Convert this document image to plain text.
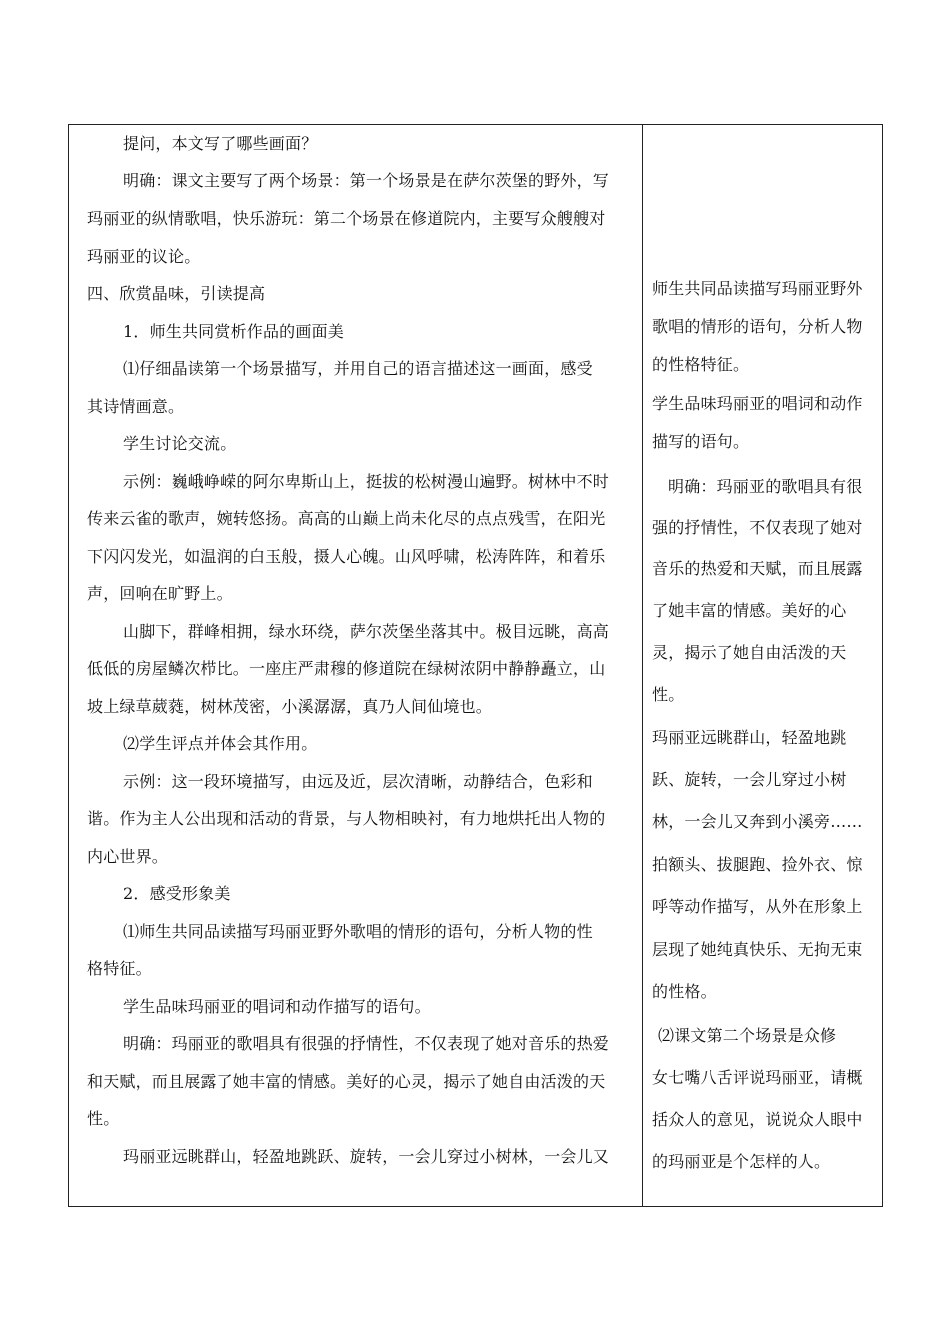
提问，本文写了哪些画面？
明确：课文主要写了两个场景：第一个场景是在萨尔茨堡的野外，写
玛丽亚的纵情歌唱，快乐游玩：第二个场景在修道院内，主要写众艘艘对
玛丽亚的议论。
四、欣赏晶味，引读提高
1．师生共同赏析作品的画面美
⑴仔细晶读第一个场景描写，并用自己的语言描述这一画面，感受
其诗情画意。
学生讨论交流。
示例：巍峨峥嵘的阿尔卑斯山上，挺拔的松树漫山遍野。树林中不时
传来云雀的歌声，婉转悠扬。高高的山巅上尚未化尽的点点残雪，在阳光
下闪闪发光，如温润的白玉般，摄人心魄。山风呼啸，松涛阵阵，和着乐
声，回响在旷野上。
山脚下，群峰相拥，绿水环绕，萨尔茨堡坐落其中。极目远眺，高高
低低的房屋鳞次栉比。一座庄严肃穆的修道院在绿树浓阴中静静矗立，山
坡上绿草葳蕤，树林茂密，小溪潺潺，真乃人间仙境也。
⑵学生评点并体会其作用。
示例：这一段环境描写，由远及近，层次清晰，动静结合，色彩和
谐。作为主人公出现和活动的背景，与人物相映衬，有力地烘托出人物的
内心世界。
2．感受形象美
⑴师生共同品读描写玛丽亚野外歌唱的情形的语句，分析人物的性
格特征。
学生品味玛丽亚的唱词和动作描写的语句。
明确：玛丽亚的歌唱具有很强的抒情性，不仅表现了她对音乐的热爱
和天赋，而且展露了她丰富的情感。美好的心灵，揭示了她自由活泼的天
性。
玛丽亚远眺群山，轻盈地跳跃、旋转，一会儿穿过小树林，一会儿又
师生共同品读描写玛丽亚野外
歌唱的情形的语句，分析人物
的性格特征。
学生品味玛丽亚的唱词和动作
描写的语句。
明确：玛丽亚的歌唱具有很
强的抒情性，不仅表现了她对
音乐的热爱和天赋，而且展露
了她丰富的情感。美好的心
灵，揭示了她自由活泼的天
性。
玛丽亚远眺群山，轻盈地跳
跃、旋转，一会儿穿过小树
林，一会儿又奔到小溪旁……
拍额头、拔腿跑、捡外衣、惊
呼等动作描写，从外在形象上
层现了她纯真快乐、无拘无束
的性格。
⑵课文第二个场景是众修
女七嘴八舌评说玛丽亚，请概
括众人的意见，说说众人眼中
的玛丽亚是个怎样的人。
